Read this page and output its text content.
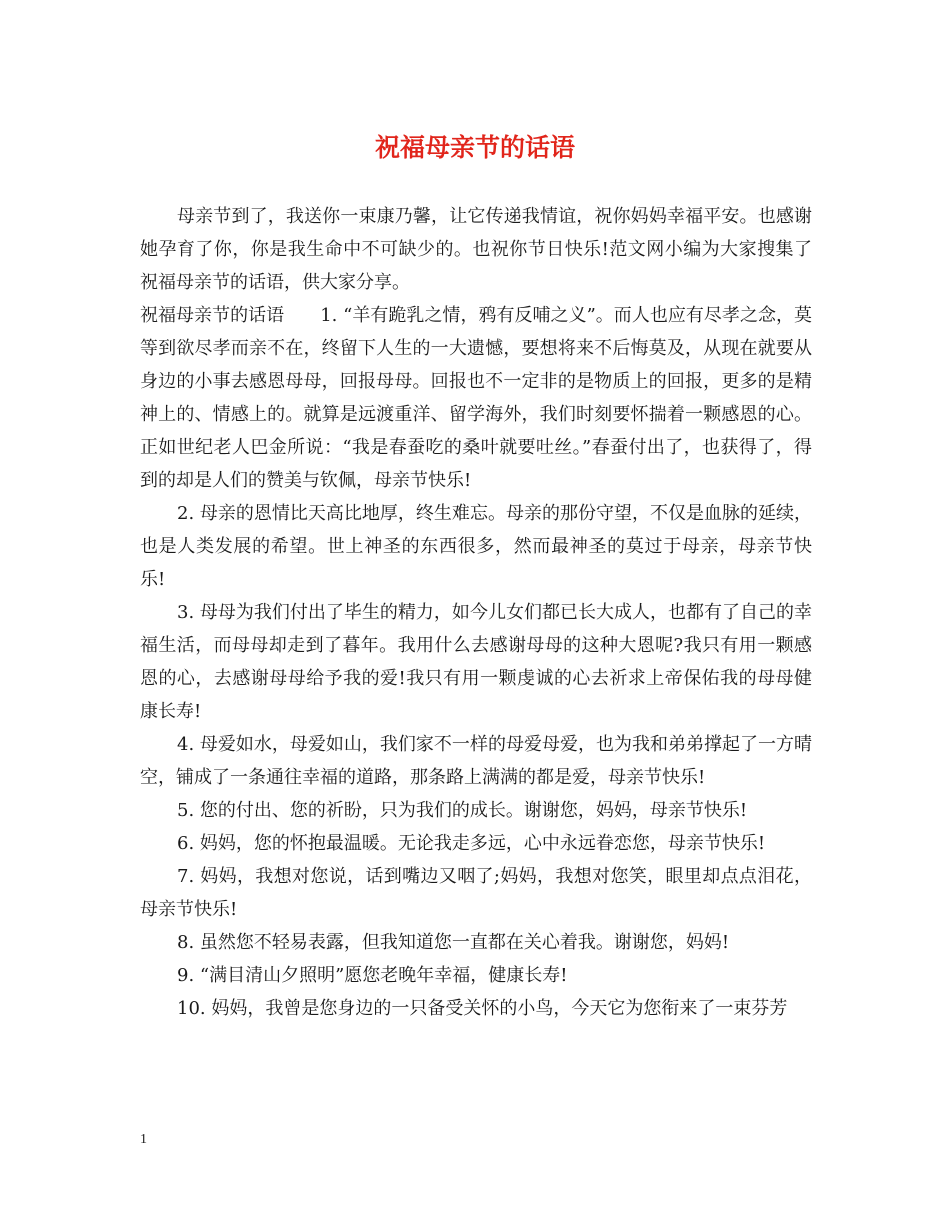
祝福母亲节的话语

母亲节到了，我送你一束康乃馨，让它传递我情谊，祝你妈妈幸福平安。也感谢她孕育了你，你是我生命中不可缺少的。也祝你节日快乐!范文网小编为大家搜集了祝福母亲节的话语，供大家分享。

祝福母亲节的话语　　1. “羊有跪乳之情，鸦有反哺之义”。而人也应有尽孝之念，莫等到欲尽孝而亲不在，终留下人生的一大遗憾，要想将来不后悔莫及，从现在就要从身边的小事去感恩母母，回报母母。回报也不一定非的是物质上的回报，更多的是精神上的、情感上的。就算是远渡重洋、留学海外，我们时刻要怀揣着一颗感恩的心。正如世纪老人巴金所说：“我是春蚕吃的桑叶就要吐丝。”春蚕付出了，也获得了，得到的却是人们的赞美与钦佩，母亲节快乐!

2. 母亲的恩情比天高比地厚，终生难忘。母亲的那份守望，不仅是血脉的延续，也是人类发展的希望。世上神圣的东西很多，然而最神圣的莫过于母亲，母亲节快乐!

3. 母母为我们付出了毕生的精力，如今儿女们都已长大成人，也都有了自己的幸福生活，而母母却走到了暮年。我用什么去感谢母母的这种大恩呢?我只有用一颗感恩的心，去感谢母母给予我的爱!我只有用一颗虔诚的心去祈求上帝保佑我的母母健康长寿!

4. 母爱如水，母爱如山，我们家不一样的母爱母爱，也为我和弟弟撑起了一方晴空，铺成了一条通往幸福的道路，那条路上满满的都是爱，母亲节快乐!

5. 您的付出、您的祈盼，只为我们的成长。谢谢您，妈妈，母亲节快乐!

6. 妈妈，您的怀抱最温暖。无论我走多远，心中永远眷恋您，母亲节快乐!

7. 妈妈，我想对您说，话到嘴边又咽了;妈妈，我想对您笑，眼里却点点泪花，母亲节快乐!

8. 虽然您不轻易表露，但我知道您一直都在关心着我。谢谢您，妈妈!

9. “满目清山夕照明”愿您老晚年幸福，健康长寿!

10. 妈妈，我曾是您身边的一只备受关怀的小鸟，今天它为您衔来了一束芬芳

1
